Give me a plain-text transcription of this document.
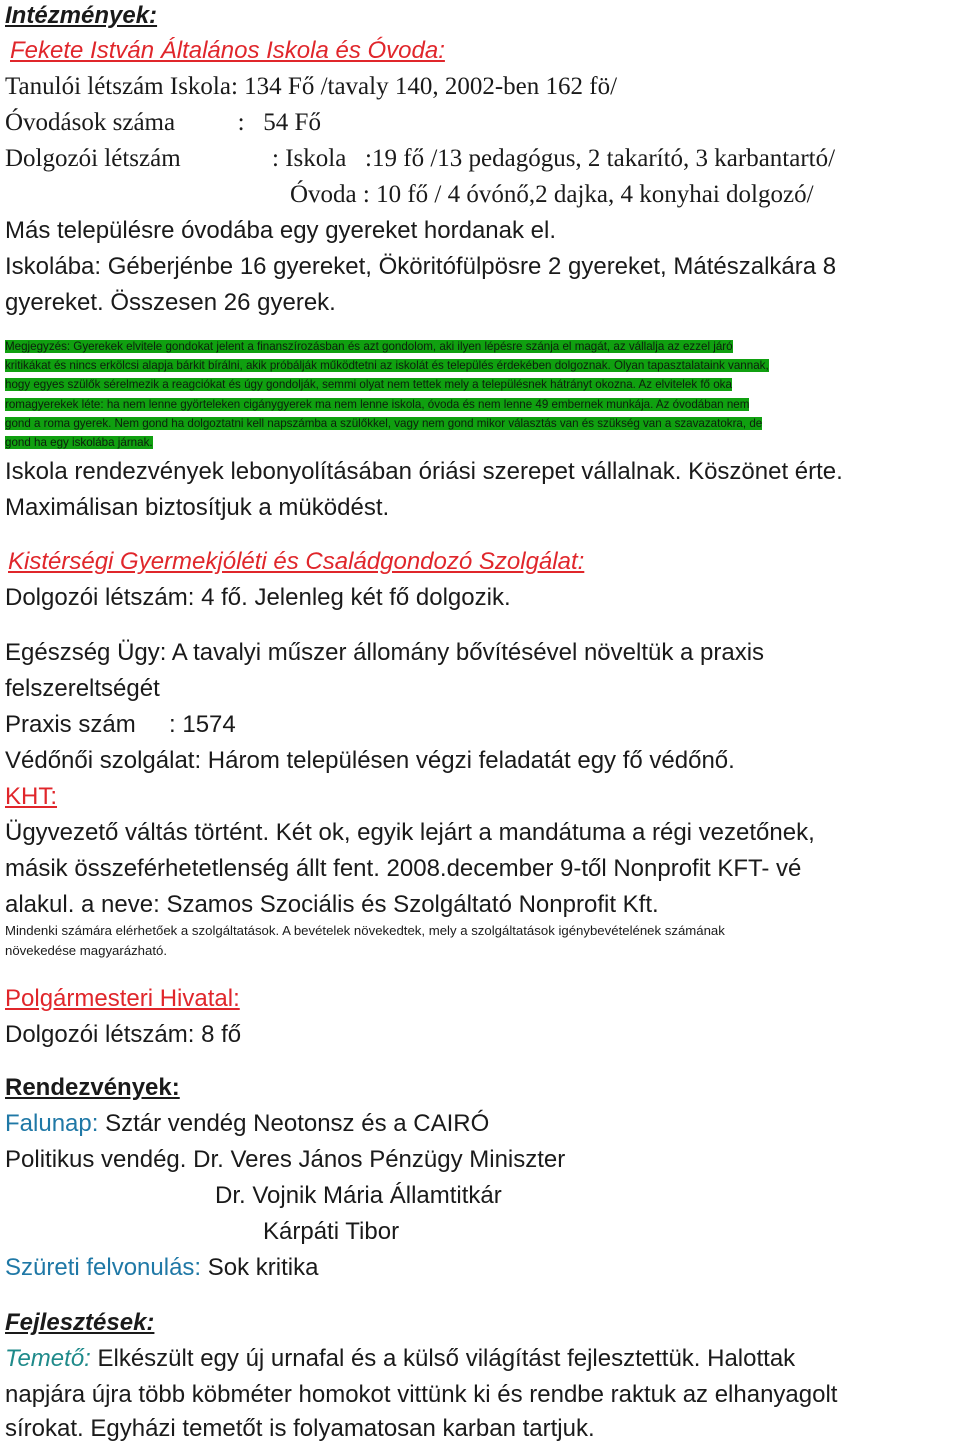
Intézmények:
Fekete István Általános Iskola és Óvoda:
Tanulói létszám Iskola: 134 Fő /tavaly 140, 2002-ben 162 fö/
Óvodások száma          :   54 Fő
Dolgozói létszám	: Iskola   :19 fő /13 pedagógus, 2 takarító, 3 karbantartó/
Óvoda : 10 fő / 4 óvónő,2 dajka, 4 konyhai dolgozó/
Más településre óvodába egy gyereket hordanak el.
Iskolába: Géberjénbe 16 gyereket, Ököritófülpösre 2 gyereket, Mátészalkára 8
gyereket. Összesen 26 gyerek.
Megjegyzés: Gyerekek elvitele gondokat jelent a finanszírozásban és azt gondolom, aki ilyen lépésre szánja el magát, az vállalja az ezzel járó
kritikákat és nincs erkölcsi alapja bárkit bírálni, akik próbálják működtetni az iskolát és település érdekében dolgoznak. Olyan tapasztalataink vannak,
hogy egyes szülők sérelmezik a reagciókat és úgy gondolják, semmi olyat nem tettek mely a településnek hátrányt okozna. Az elvitelek fő oka
romagyerekek léte: ha nem lenne györteleken cigánygyerek ma nem lenne iskola, óvoda és nem lenne 49 embernek munkája. Az óvodában nem
gond a roma gyerek. Nem gond ha dolgoztatni kell napszámba a szülőkkel, vagy nem gond mikor választás van és szükség van a szavazatokra, de
gond ha egy iskolába járnak.
Iskola rendezvények lebonyolításában óriási szerepet vállalnak. Köszönet érte.
Maximálisan biztosítjuk a müködést.
Kistérségi Gyermekjóléti és Családgondozó Szolgálat:
Dolgozói létszám: 4 fő. Jelenleg két fő dolgozik.
Egészség Ügy: A tavalyi műszer állomány bővítésével növeltük a praxis
felszereltségét
Praxis szám     : 1574
Védőnői szolgálat: Három településen végzi feladatát egy fő védőnő.
KHT:
Ügyvezető váltás történt. Két ok, egyik lejárt a mandátuma a régi vezetőnek,
másik összeférhetetlenség állt fent. 2008.december 9-től Nonprofit KFT- vé
alakul. a neve: Szamos Szociális és Szolgáltató Nonprofit Kft.
Mindenki számára elérhetőek a szolgáltatások. A bevételek növekedtek, mely a szolgáltatások igénybevételének számának
növekedése magyarázható.
Polgármesteri Hivatal:
Dolgozói létszám: 8 fő
Rendezvények:
Falunap: Sztár vendég Neotonsz és a CAIRÓ
Politikus vendég. Dr. Veres János Pénzügy Miniszter
Dr. Vojnik Mária Államtitkár
Kárpáti Tibor
Szüreti felvonulás: Sok kritika
Fejlesztések:
Temető: Elkészült egy új urnafal és a külső világítást fejlesztettük. Halottak
napjára újra több köbméter homokot vittünk ki és rendbe raktuk az elhanyagolt
sírokat. Egyházi temetőt is folyamatosan karban tartjuk.
